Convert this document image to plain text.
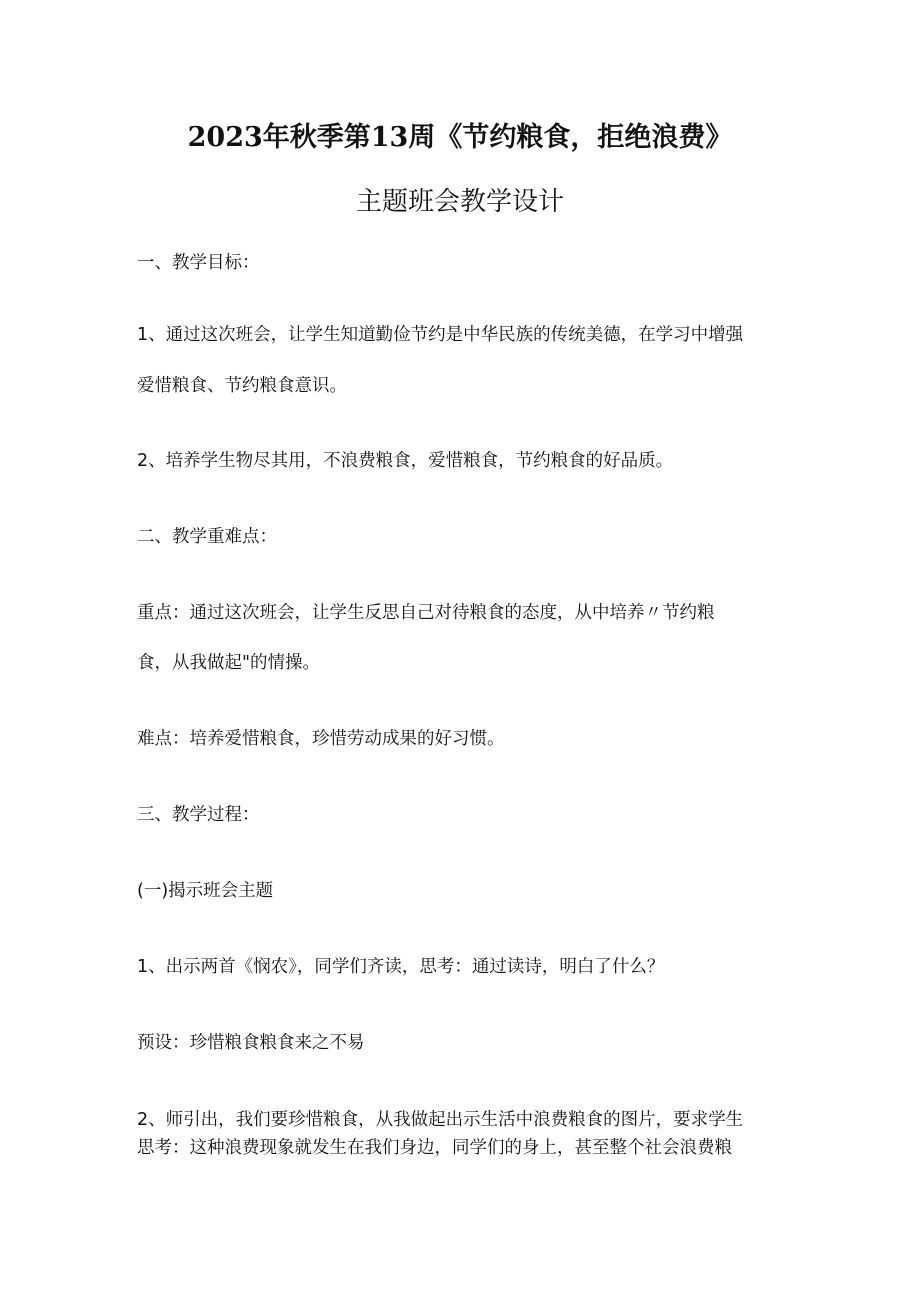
2023年秋季第13周《节约粮食，拒绝浪费》
主题班会教学设计
一、教学目标：
1、通过这次班会，让学生知道勤俭节约是中华民族的传统美德，在学习中增强
爱惜粮食、节约粮食意识。
2、培养学生物尽其用，不浪费粮食，爱惜粮食，节约粮食的好品质。
二、教学重难点：
重点：通过这次班会，让学生反思自己对待粮食的态度，从中培养〃节约粮
食，从我做起"的情操。
难点：培养爱惜粮食，珍惜劳动成果的好习惯。
三、教学过程：
(一)揭示班会主题
1、出示两首《悯农》，同学们齐读，思考：通过读诗，明白了什么？
预设：珍惜粮食粮食来之不易
2、师引出，我们要珍惜粮食，从我做起出示生活中浪费粮食的图片，要求学生
思考：这种浪费现象就发生在我们身边，同学们的身上，甚至整个社会浪费粮
